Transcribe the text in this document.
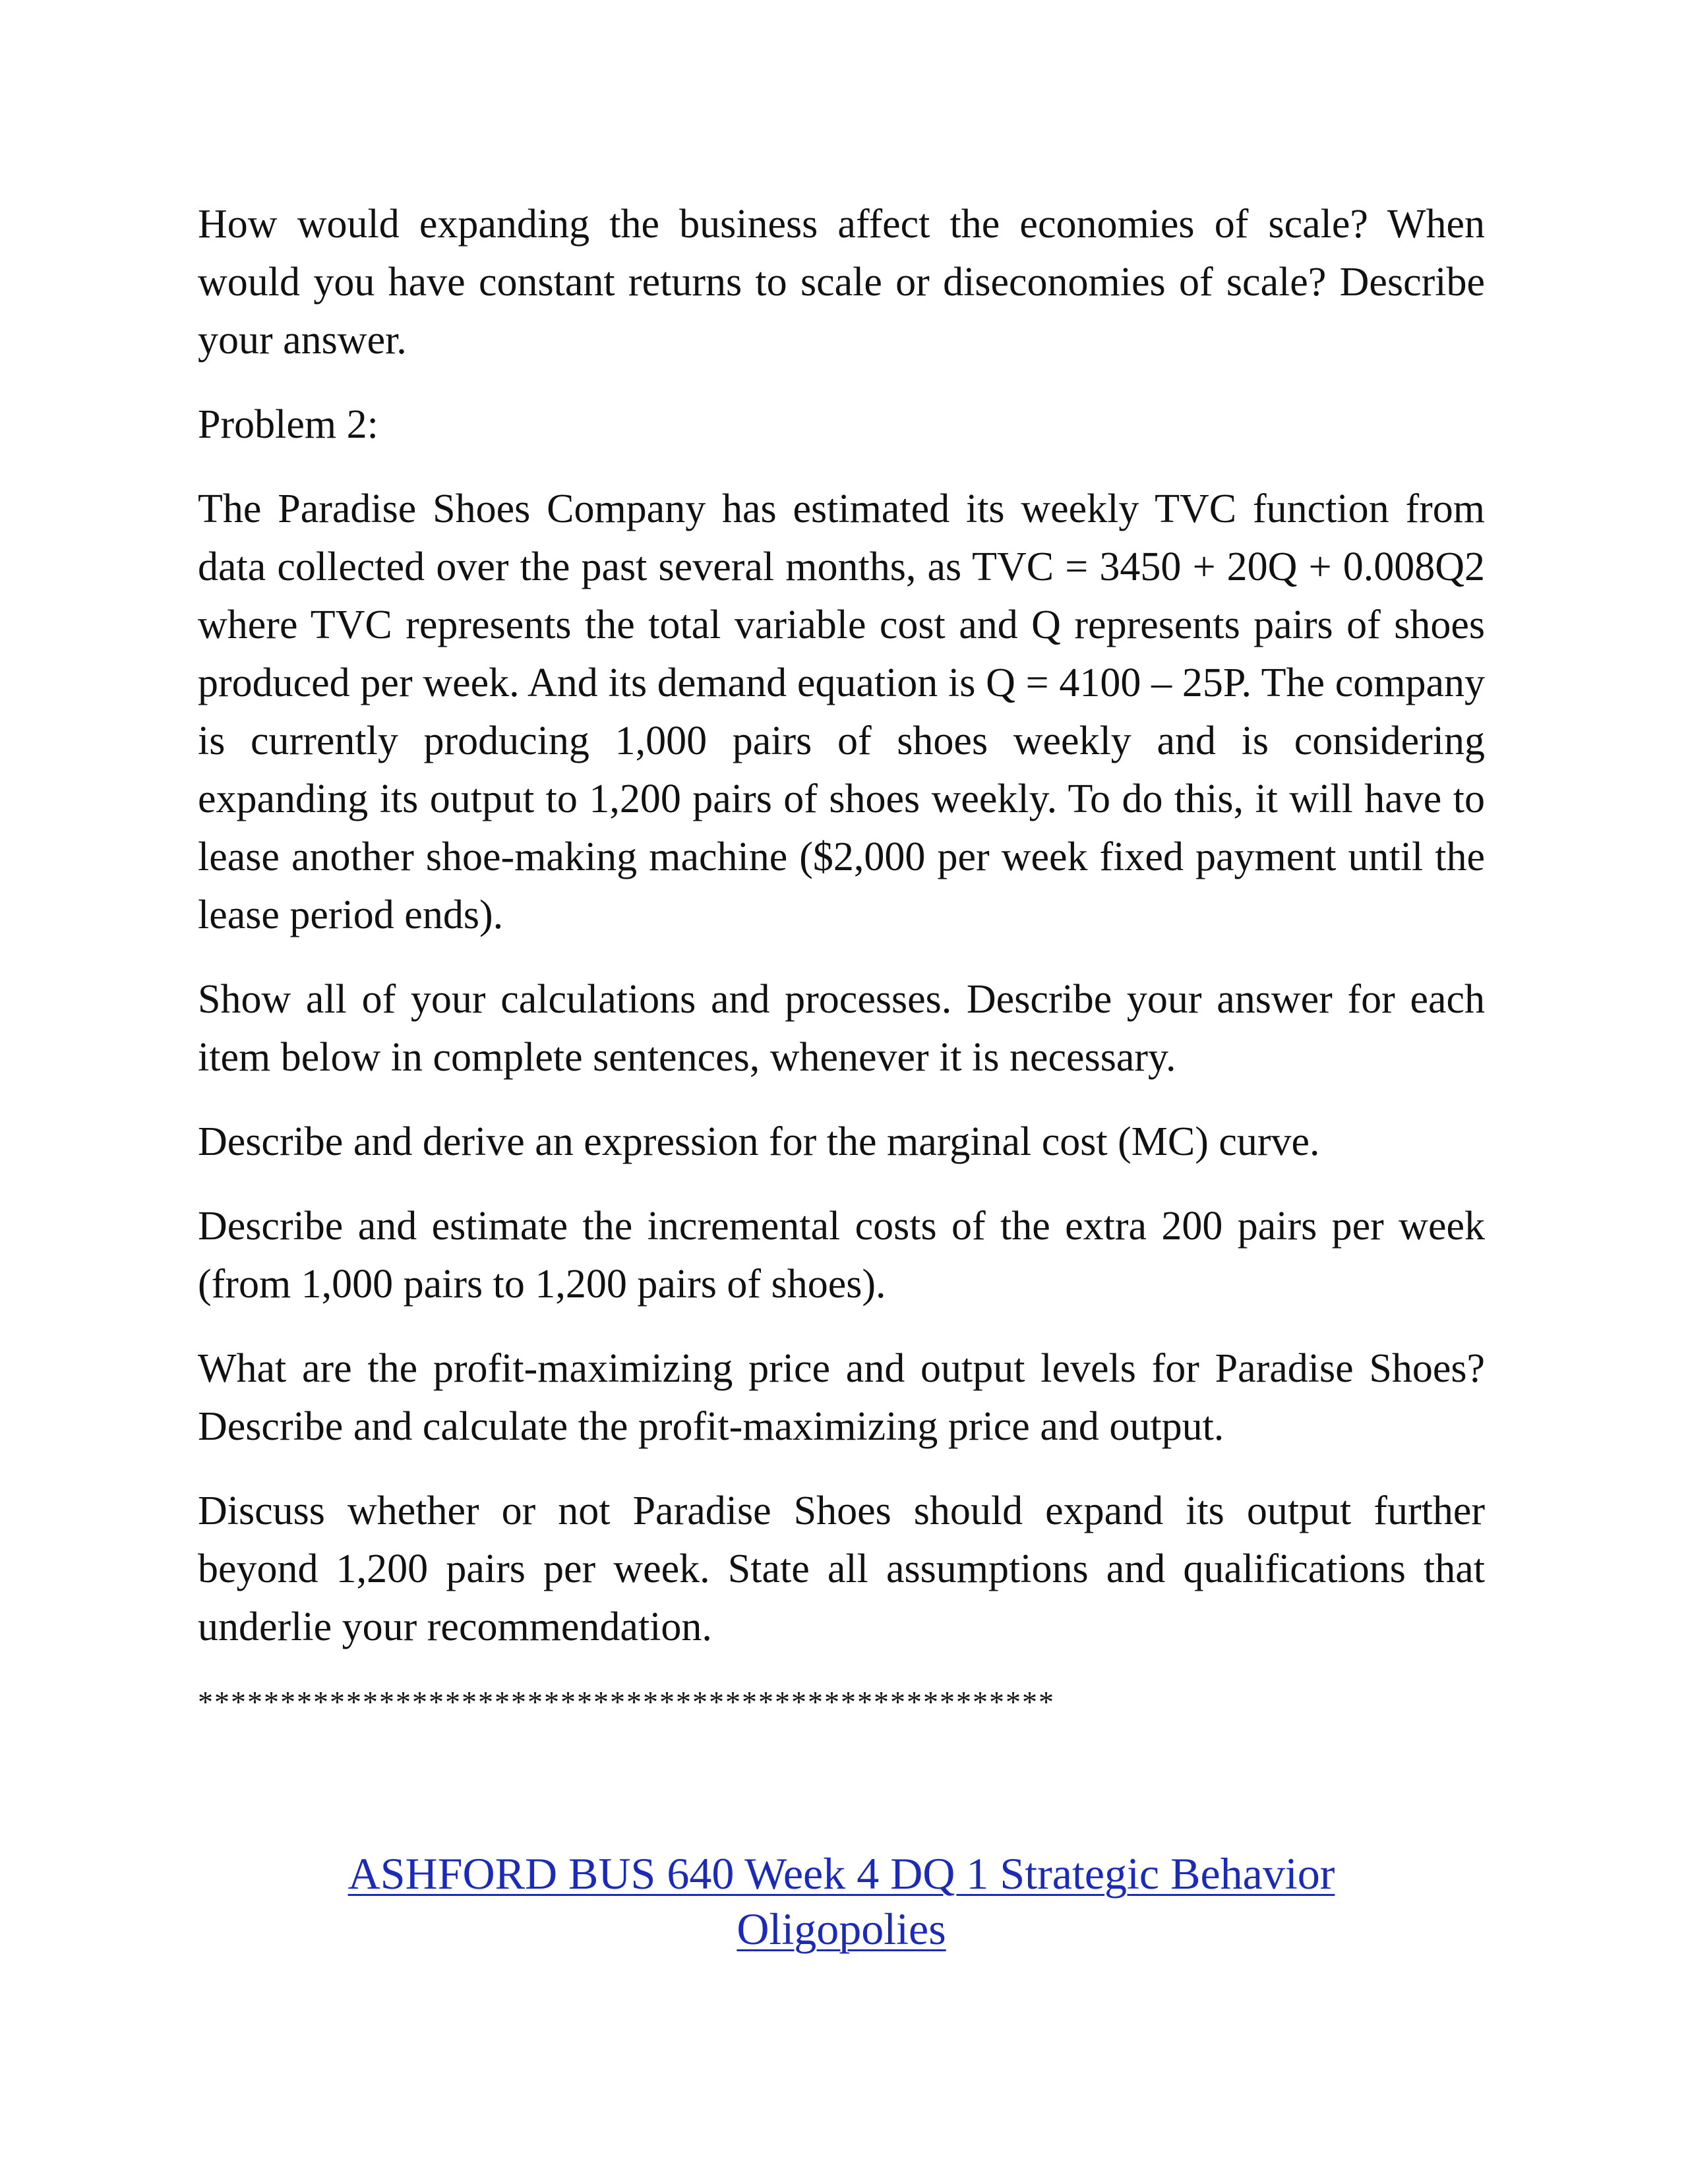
How would expanding the business affect the economies of scale? When would you have constant returns to scale or diseconomies of scale? Describe your answer.

Problem 2:

The Paradise Shoes Company has estimated its weekly TVC function from data collected over the past several months, as TVC = 3450 + 20Q + 0.008Q2 where TVC represents the total variable cost and Q represents pairs of shoes produced per week. And its demand equation is Q = 4100 – 25P. The company is currently producing 1,000 pairs of shoes weekly and is considering expanding its output to 1,200 pairs of shoes weekly. To do this, it will have to lease another shoe-making machine ($2,000 per week fixed payment until the lease period ends).

Show all of your calculations and processes. Describe your answer for each item below in complete sentences, whenever it is necessary.

Describe and derive an expression for the marginal cost (MC) curve.

Describe and estimate the incremental costs of the extra 200 pairs per week (from 1,000 pairs to 1,200 pairs of shoes).

What are the profit-maximizing price and output levels for Paradise Shoes? Describe and calculate the profit-maximizing price and output.

Discuss whether or not Paradise Shoes should expand its output further beyond 1,200 pairs per week. State all assumptions and qualifications that underlie your recommendation.

****************************************************
ASHFORD BUS 640 Week 4 DQ 1 Strategic Behavior
Oligopolies
